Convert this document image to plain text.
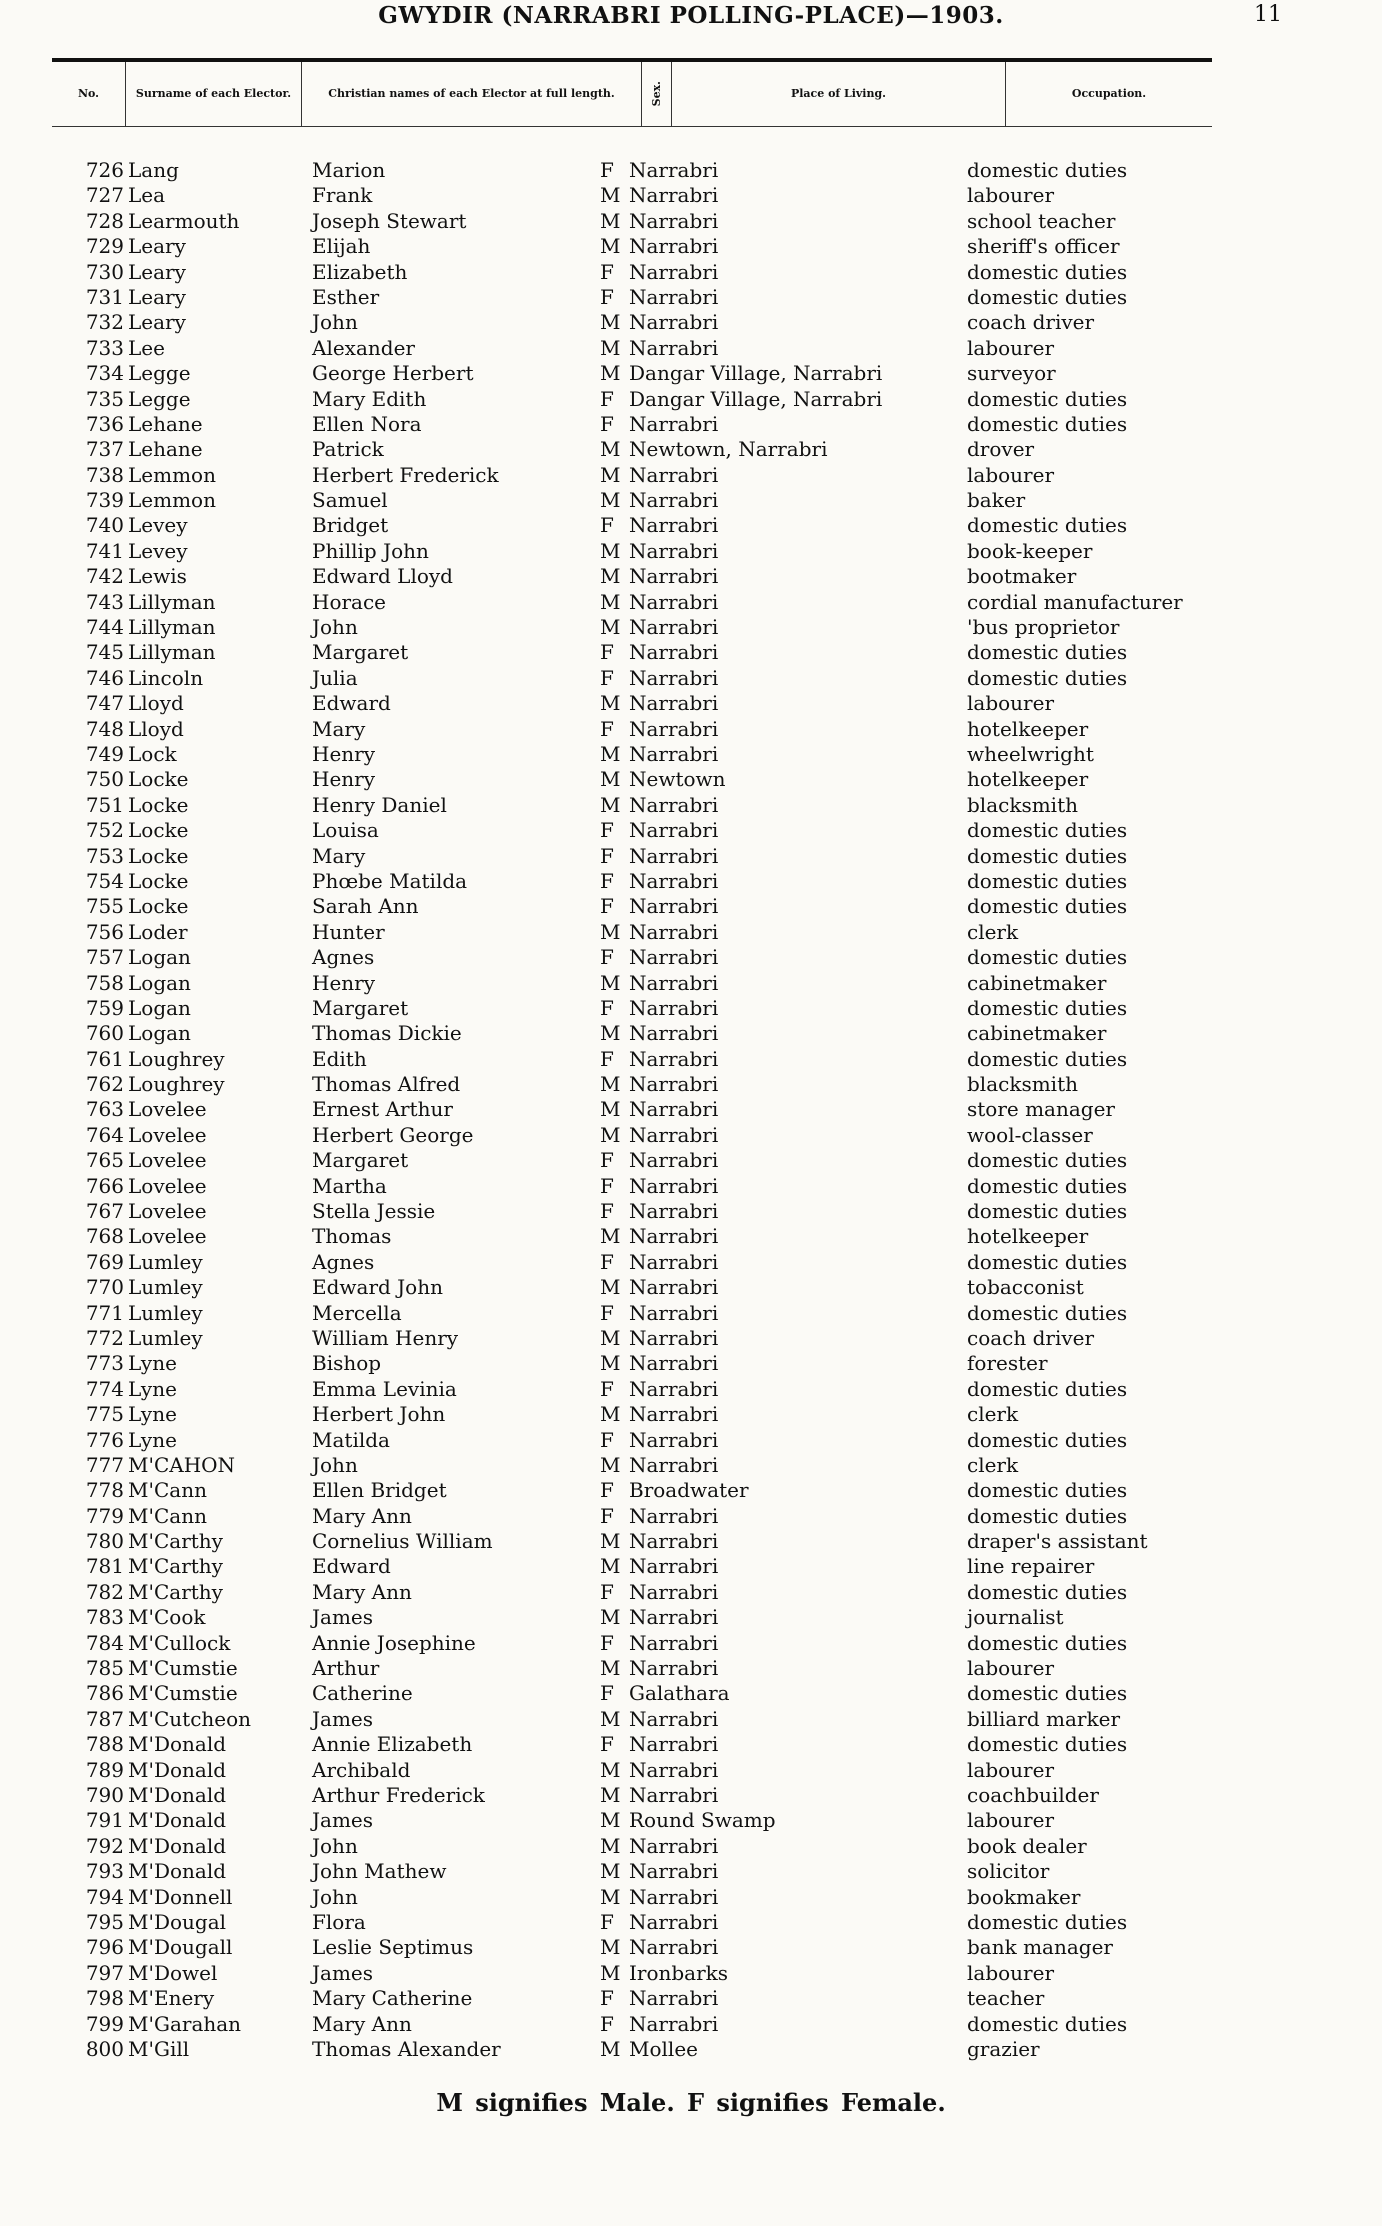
GWYDIR (NARRABRI POLLING-PLACE)—1903.	11
No.	Surname of each Elector.	Christian names of each Elector at full length.	Sex.	Place of Living.	Occupation.
726 Lang	Marion	F Narrabri	domestic duties
727 Lea	Frank	M Narrabri	labourer
728 Learmouth	Joseph Stewart	M Narrabri	school teacher
729 Leary	Elijah	M Narrabri	sheriff's officer
730 Leary	Elizabeth	F Narrabri	domestic duties
731 Leary	Esther	F Narrabri	domestic duties
732 Leary	John	M Narrabri	coach driver
733 Lee	Alexander	M Narrabri	labourer
734 Legge	George Herbert	M Dangar Village, Narrabri	surveyor
735 Legge	Mary Edith	F Dangar Village, Narrabri	domestic duties
736 Lehane	Ellen Nora	F Narrabri	domestic duties
737 Lehane	Patrick	M Newtown, Narrabri	drover
738 Lemmon	Herbert Frederick	M Narrabri	labourer
739 Lemmon	Samuel	M Narrabri	baker
740 Levey	Bridget	F Narrabri	domestic duties
741 Levey	Phillip John	M Narrabri	book-keeper
742 Lewis	Edward Lloyd	M Narrabri	bootmaker
743 Lillyman	Horace	M Narrabri	cordial manufacturer
744 Lillyman	John	M Narrabri	'bus proprietor
745 Lillyman	Margaret	F Narrabri	domestic duties
746 Lincoln	Julia	F Narrabri	domestic duties
747 Lloyd	Edward	M Narrabri	labourer
748 Lloyd	Mary	F Narrabri	hotelkeeper
749 Lock	Henry	M Narrabri	wheelwright
750 Locke	Henry	M Newtown	hotelkeeper
751 Locke	Henry Daniel	M Narrabri	blacksmith
752 Locke	Louisa	F Narrabri	domestic duties
753 Locke	Mary	F Narrabri	domestic duties
754 Locke	Phœbe Matilda	F Narrabri	domestic duties
755 Locke	Sarah Ann	F Narrabri	domestic duties
756 Loder	Hunter	M Narrabri	clerk
757 Logan	Agnes	F Narrabri	domestic duties
758 Logan	Henry	M Narrabri	cabinetmaker
759 Logan	Margaret	F Narrabri	domestic duties
760 Logan	Thomas Dickie	M Narrabri	cabinetmaker
761 Loughrey	Edith	F Narrabri	domestic duties
762 Loughrey	Thomas Alfred	M Narrabri	blacksmith
763 Lovelee	Ernest Arthur	M Narrabri	store manager
764 Lovelee	Herbert George	M Narrabri	wool-classer
765 Lovelee	Margaret	F Narrabri	domestic duties
766 Lovelee	Martha	F Narrabri	domestic duties
767 Lovelee	Stella Jessie	F Narrabri	domestic duties
768 Lovelee	Thomas	M Narrabri	hotelkeeper
769 Lumley	Agnes	F Narrabri	domestic duties
770 Lumley	Edward John	M Narrabri	tobacconist
771 Lumley	Mercella	F Narrabri	domestic duties
772 Lumley	William Henry	M Narrabri	coach driver
773 Lyne	Bishop	M Narrabri	forester
774 Lyne	Emma Levinia	F Narrabri	domestic duties
775 Lyne	Herbert John	M Narrabri	clerk
776 Lyne	Matilda	F Narrabri	domestic duties
777 M'CAHON	John	M Narrabri	clerk
778 M'Cann	Ellen Bridget	F Broadwater	domestic duties
779 M'Cann	Mary Ann	F Narrabri	domestic duties
780 M'Carthy	Cornelius William	M Narrabri	draper's assistant
781 M'Carthy	Edward	M Narrabri	line repairer
782 M'Carthy	Mary Ann	F Narrabri	domestic duties
783 M'Cook	James	M Narrabri	journalist
784 M'Cullock	Annie Josephine	F Narrabri	domestic duties
785 M'Cumstie	Arthur	M Narrabri	labourer
786 M'Cumstie	Catherine	F Galathara	domestic duties
787 M'Cutcheon	James	M Narrabri	billiard marker
788 M'Donald	Annie Elizabeth	F Narrabri	domestic duties
789 M'Donald	Archibald	M Narrabri	labourer
790 M'Donald	Arthur Frederick	M Narrabri	coachbuilder
791 M'Donald	James	M Round Swamp	labourer
792 M'Donald	John	M Narrabri	book dealer
793 M'Donald	John Mathew	M Narrabri	solicitor
794 M'Donnell	John	M Narrabri	bookmaker
795 M'Dougal	Flora	F Narrabri	domestic duties
796 M'Dougall	Leslie Septimus	M Narrabri	bank manager
797 M'Dowel	James	M Ironbarks	labourer
798 M'Enery	Mary Catherine	F Narrabri	teacher
799 M'Garahan	Mary Ann	F Narrabri	domestic duties
800 M'Gill	Thomas Alexander	M Mollee	grazier
M signifies Male. F signifies Female.
